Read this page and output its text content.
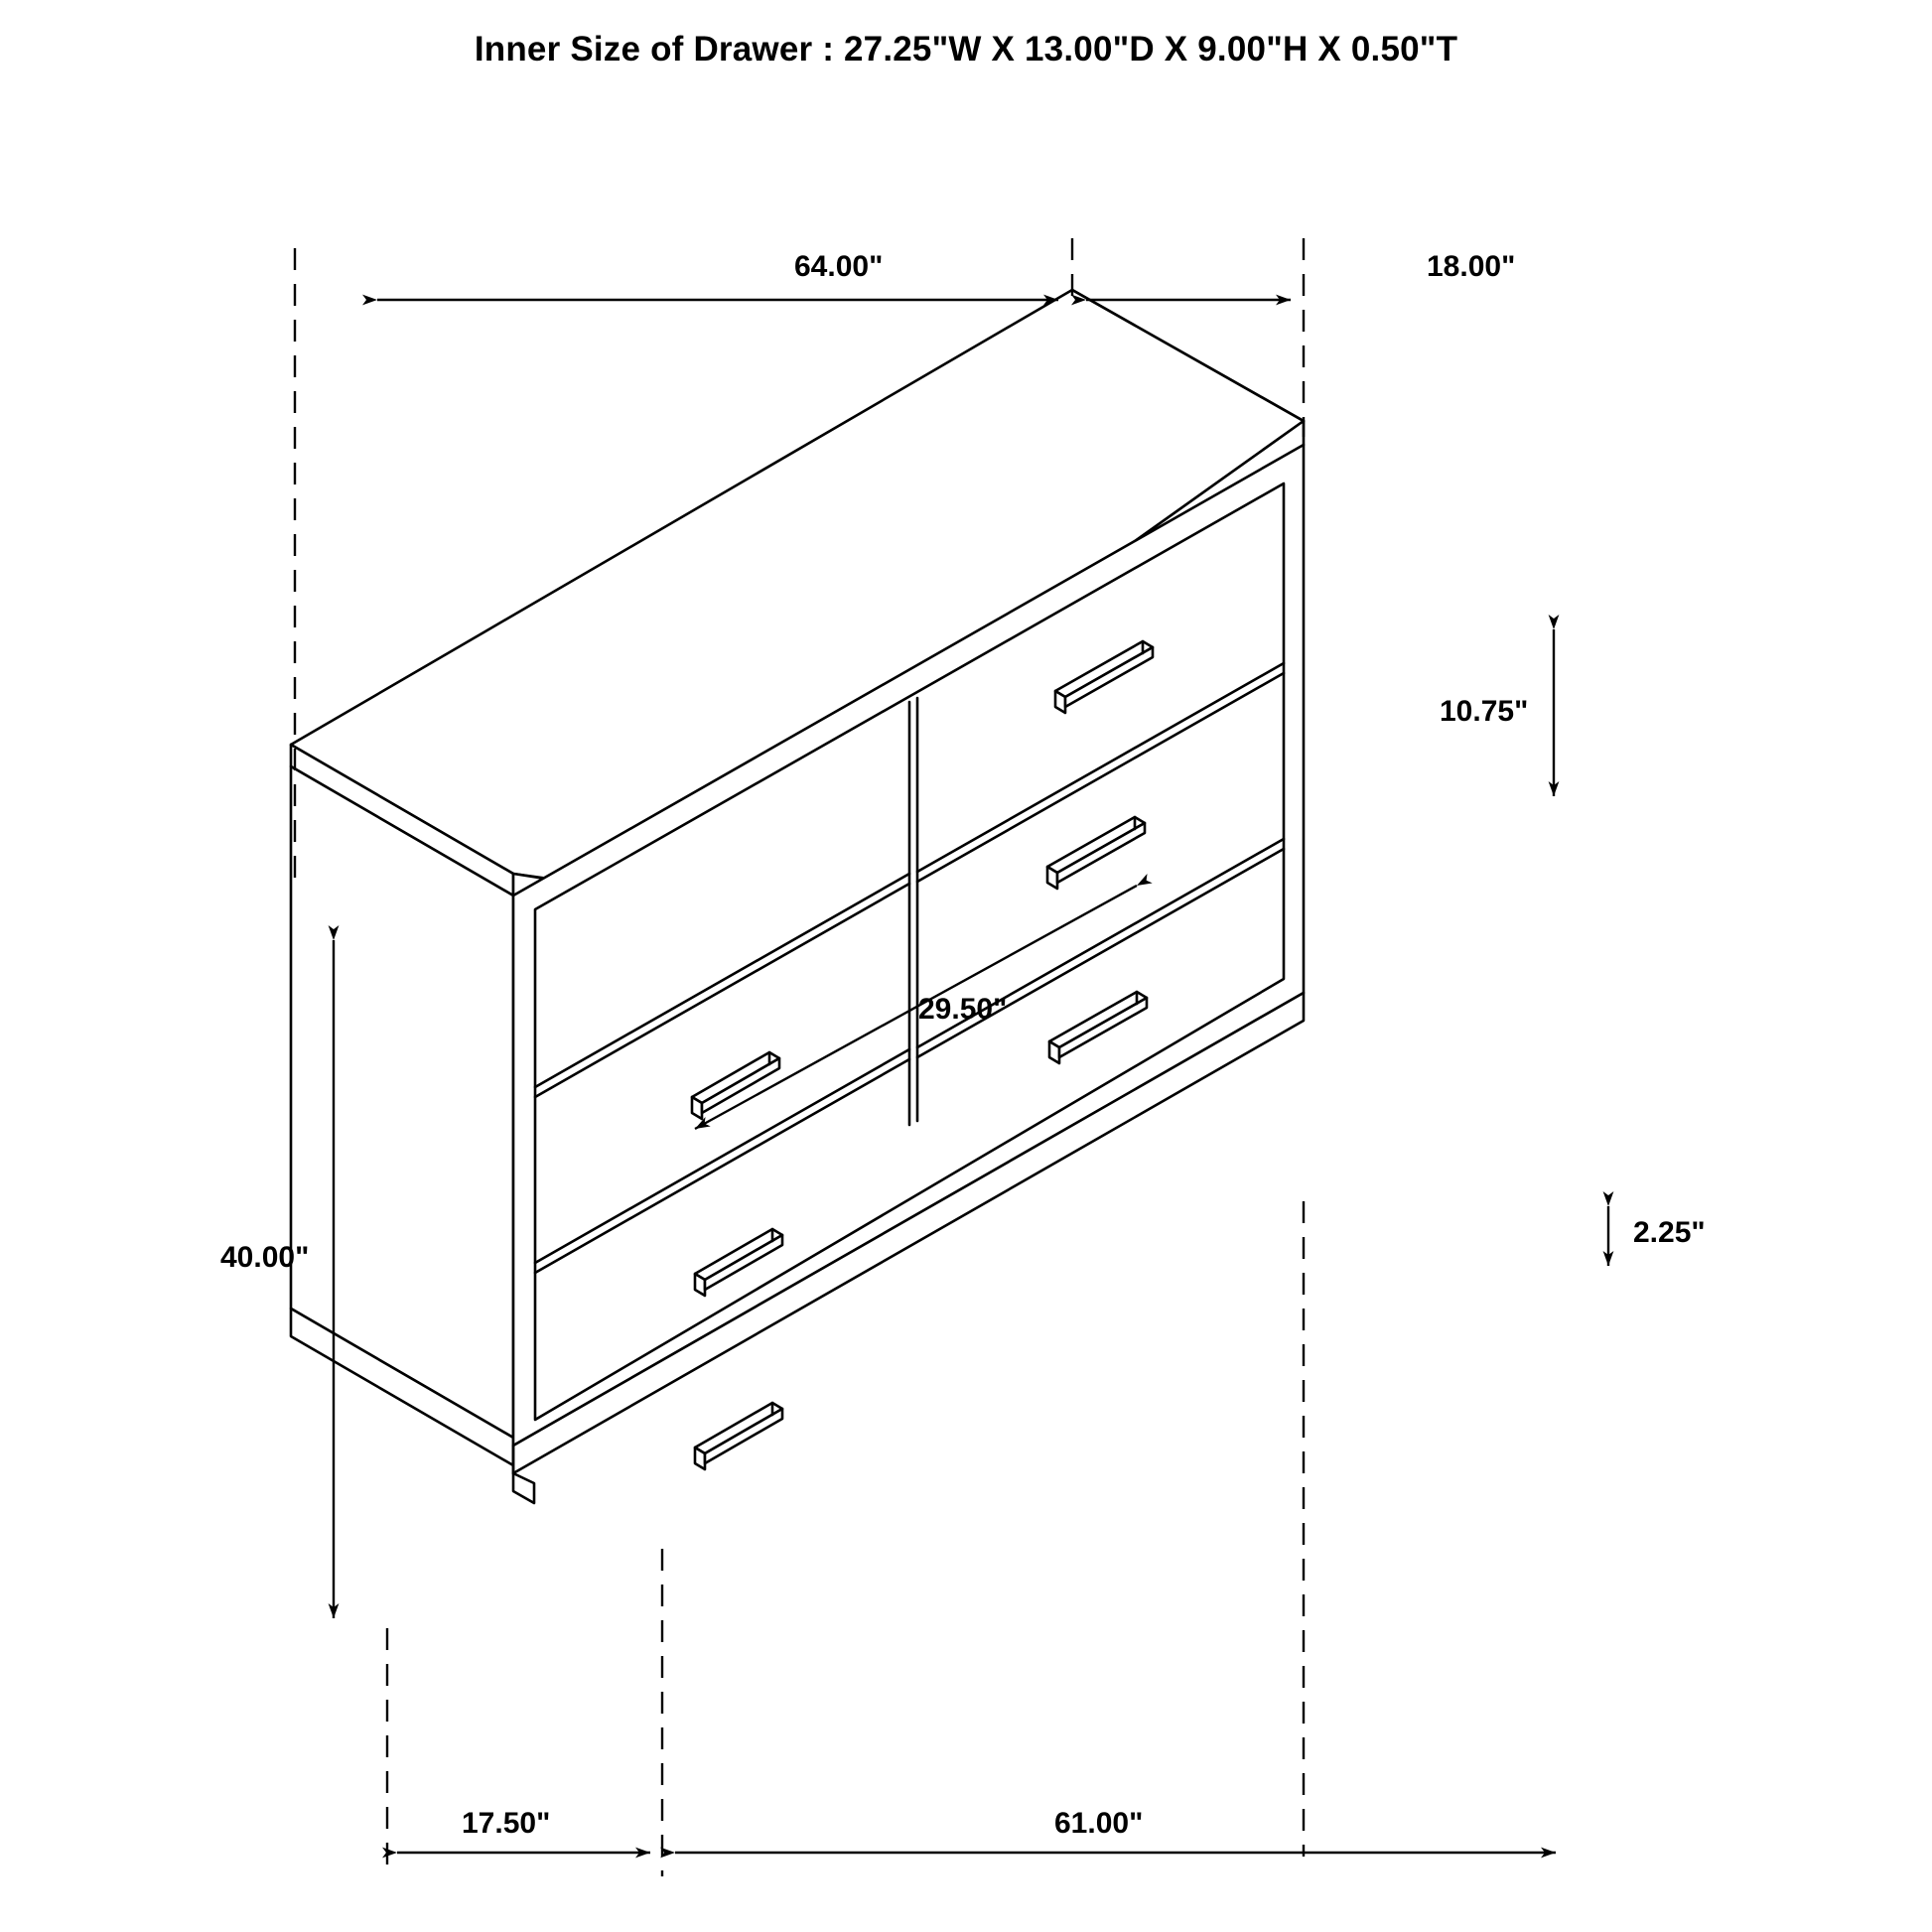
Inner Size of Drawer : 27.25"W X 13.00"D X 9.00"H X 0.50"T
64.00"	18.00"
10.75"
29.50"
40.00"
2.25"
17.50"	61.00"
